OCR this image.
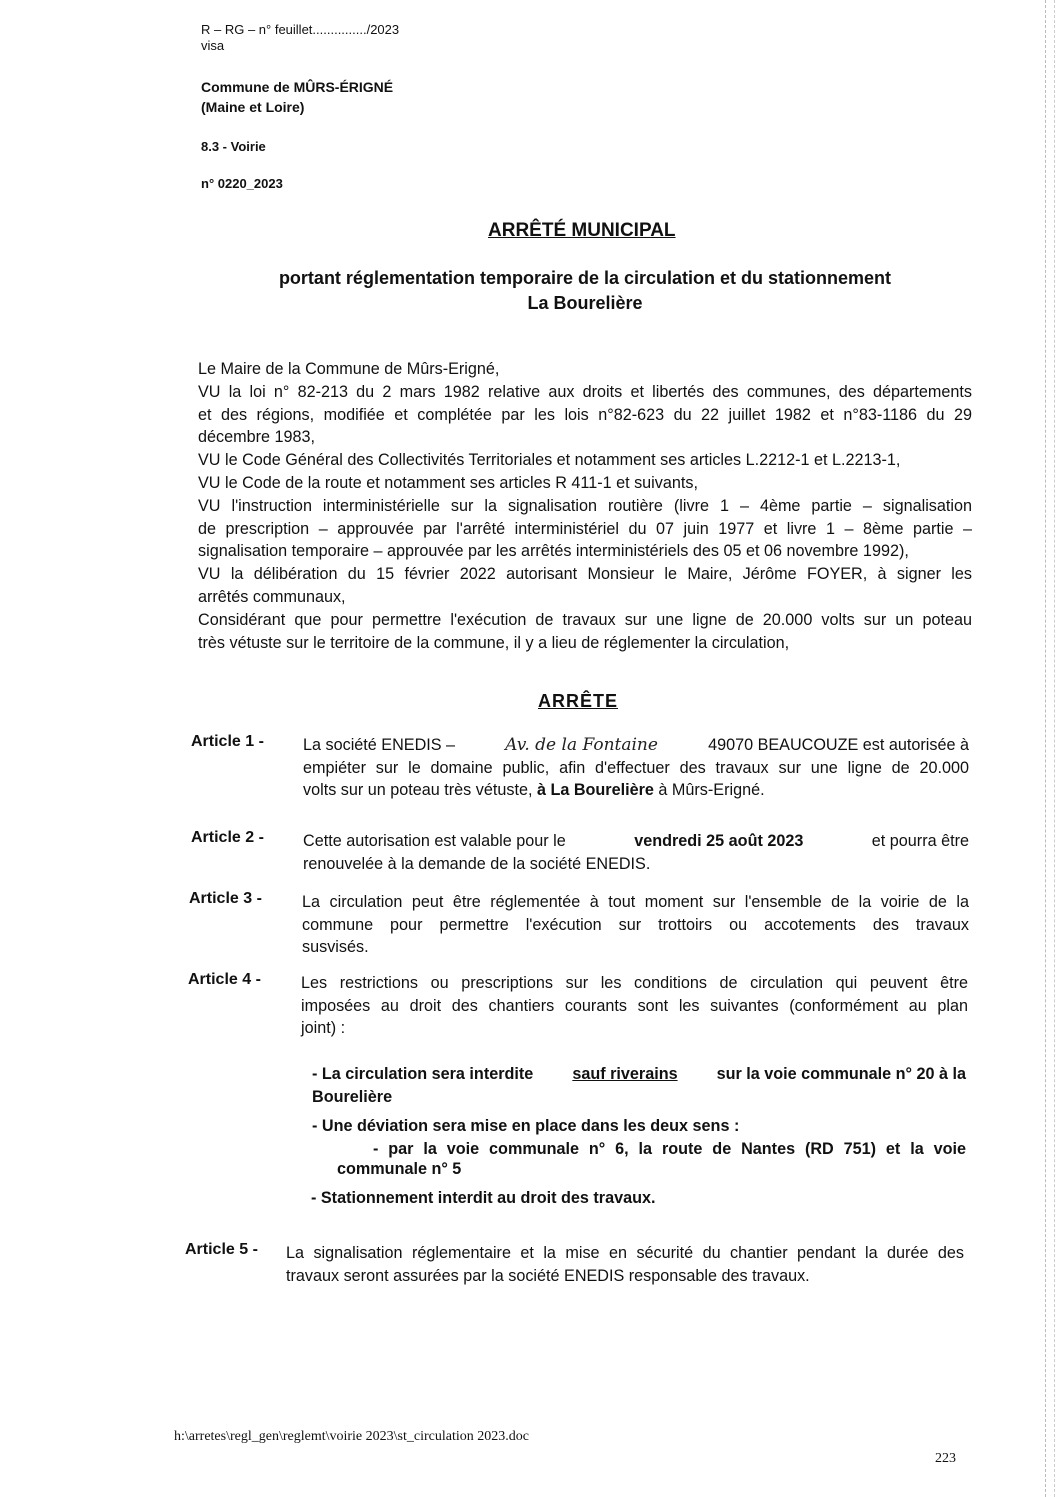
R – RG – n° feuillet.............../2023
visa
Commune de MÛRS-ÉRIGNÉ
(Maine et Loire)
8.3 - Voirie
n° 0220_2023
ARRÊTÉ MUNICIPAL
portant réglementation temporaire de la circulation et du stationnement
La Bourelière
Le Maire de la Commune de Mûrs-Erigné,
VU la loi n° 82-213 du 2 mars 1982 relative aux droits et libertés des communes, des départements
et des régions, modifiée et complétée par les lois n°82-623 du 22 juillet 1982 et n°83-1186 du 29
décembre 1983,
VU le Code Général des Collectivités Territoriales et notamment ses articles L.2212-1 et L.2213-1,
VU le Code de la route et notamment ses articles R 411-1 et suivants,
VU l'instruction interministérielle sur la signalisation routière (livre 1 – 4ème partie – signalisation
de prescription – approuvée par l'arrêté interministériel du 07 juin 1977 et livre 1 – 8ème partie –
signalisation temporaire – approuvée par les arrêtés interministériels des 05 et 06 novembre 1992),
VU la délibération du 15 février 2022 autorisant Monsieur le Maire, Jérôme FOYER, à signer les
arrêtés communaux,
Considérant que pour permettre l'exécution de travaux sur une ligne de 20.000 volts sur un poteau
très vétuste sur le territoire de la commune, il y a lieu de réglementer la circulation,
ARRÊTE
Article 1 - La société ENEDIS –	Av. de la Fontaine	49070 BEAUCOUZE est autorisée à
empiéter sur le domaine public, afin d'effectuer des travaux sur une ligne de 20.000
volts sur un poteau très vétuste, à La Bourelière à Mûrs-Erigné.
Article 2 - Cette autorisation est valable pour le	vendredi 25 août 2023	et pourra être
renouvelée à la demande de la société ENEDIS.
Article 3 - La circulation peut être réglementée à tout moment sur l'ensemble de la voirie de la
commune pour permettre l'exécution sur trottoirs ou accotements des travaux
susvisés.
Article 4 - Les restrictions ou prescriptions sur les conditions de circulation qui peuvent être
imposées au droit des chantiers courants sont les suivantes (conformément au plan
joint) :
- La circulation sera interdite sauf riverains sur la voie communale n° 20 à la
Bourelière
- Une déviation sera mise en place dans les deux sens :
- par la voie communale n° 6, la route de Nantes (RD 751) et la voie
communale n° 5
- Stationnement interdit au droit des travaux.
Article 5 - La signalisation réglementaire et la mise en sécurité du chantier pendant la durée des
travaux seront assurées par la société ENEDIS responsable des travaux.
h:\arretes\regl_gen\reglemt\voirie 2023\st_circulation 2023.doc
223
